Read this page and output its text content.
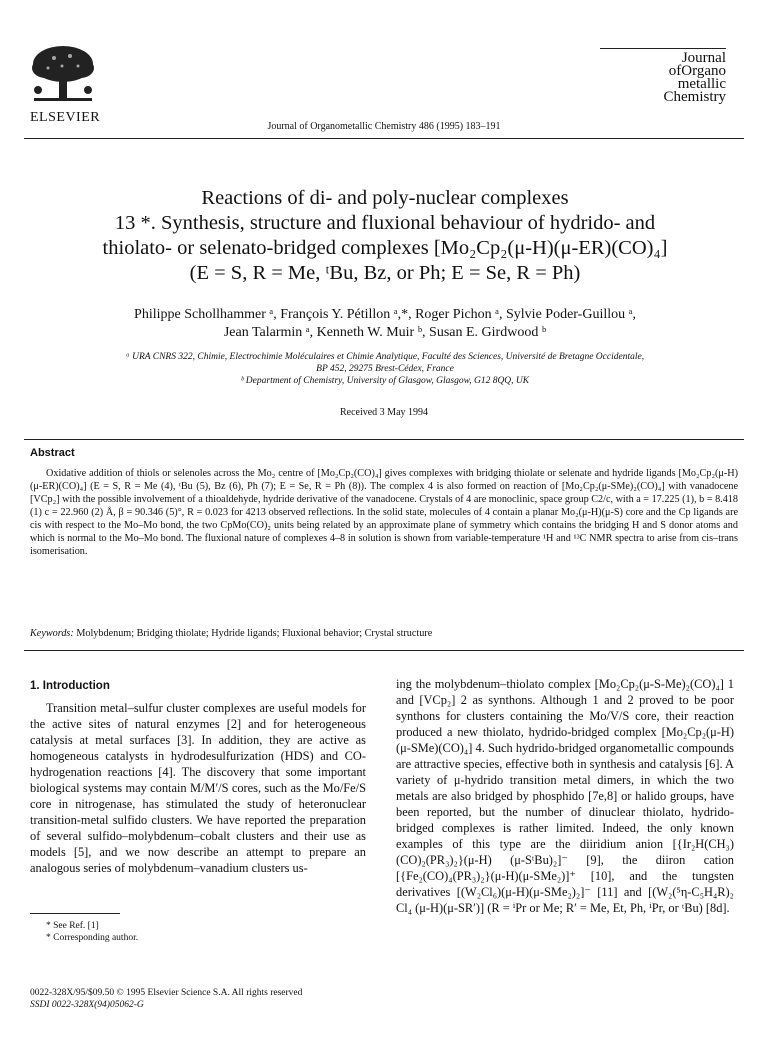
ELSEVIER
Journal of Organometallic Chemistry 486 (1995) 183–191
Journal
ofOrgano
metallic
Chemistry
Reactions of di- and poly-nuclear complexes
13 *. Synthesis, structure and fluxional behaviour of hydrido- and
thiolato- or selenato-bridged complexes [Mo₂Cp₂(μ-H)(μ-ER)(CO)₄]
(E = S, R = Me, ᵗBu, Bz, or Ph; E = Se, R = Ph)
Philippe Schollhammer ᵃ, François Y. Pétillon ᵃ,*, Roger Pichon ᵃ, Sylvie Poder-Guillou ᵃ,
Jean Talarmin ᵃ, Kenneth W. Muir ᵇ, Susan E. Girdwood ᵇ
ᵃ URA CNRS 322, Chimie, Electrochimie Moléculaires et Chimie Analytique, Faculté des Sciences, Université de Bretagne Occidentale,
BP 452, 29275 Brest-Cédex, France
ᵇ Department of Chemistry, University of Glasgow, Glasgow, G12 8QQ, UK
Received 3 May 1994
Abstract
Oxidative addition of thiols or selenoles across the Mo₂ centre of [Mo₂Cp₂(CO)₄] gives complexes with bridging thiolate or selenate and hydride ligands [Mo₂Cp₂(μ-H)(μ-ER)(CO)₄] (E = S, R = Me (4), ᵗBu (5), Bz (6), Ph (7); E = Se, R = Ph (8)). The complex 4 is also formed on reaction of [Mo₂Cp₂(μ-SMe)₂(CO)₄] with vanadocene [VCp₂] with the possible involvement of a thioaldehyde, hydride derivative of the vanadocene. Crystals of 4 are monoclinic, space group C2/c, with a = 17.225 (1), b = 8.418 (1) c = 22.960 (2) Å, β = 90.346 (5)°, R = 0.023 for 4213 observed reflections. In the solid state, molecules of 4 contain a planar Mo₂(μ-H)(μ-S) core and the Cp ligands are cis with respect to the Mo–Mo bond, the two CpMo(CO)₂ units being related by an approximate plane of symmetry which contains the bridging H and S donor atoms and which is normal to the Mo–Mo bond. The fluxional nature of complexes 4–8 in solution is shown from variable-temperature ¹H and ¹³C NMR spectra to arise from cis–trans isomerisation.
Keywords: Molybdenum; Bridging thiolate; Hydride ligands; Fluxional behavior; Crystal structure
1. Introduction
Transition metal–sulfur cluster complexes are useful models for the active sites of natural enzymes [2] and for heterogeneous catalysis at metal surfaces [3]. In addition, they are active as homogeneous catalysts in hydrodesulfurization (HDS) and CO-hydrogenation reactions [4]. The discovery that some important biological systems may contain M/M′/S cores, such as the Mo/Fe/S core in nitrogenase, has stimulated the study of heteronuclear transition-metal sulfido clusters. We have reported the preparation of several sulfido–molybdenum–cobalt clusters and their use as models [5], and we now describe an attempt to prepare an analogous series of molybdenum–vanadium clusters us-
ing the molybdenum–thiolato complex [Mo₂Cp₂(μ-S-Me)₂(CO)₄] 1 and [VCp₂] 2 as synthons. Although 1 and 2 proved to be poor synthons for clusters containing the Mo/V/S core, their reaction produced a new thiolato, hydrido-bridged complex [Mo₂Cp₂(μ-H)(μ-SMe)(CO)₄] 4. Such hydrido-bridged organometallic compounds are attractive species, effective both in synthesis and catalysis [6]. A variety of μ-hydrido transition metal dimers, in which the two metals are also bridged by phosphido [7e,8] or halido groups, have been reported, but the number of dinuclear thiolato, hydrido-bridged complexes is rather limited. Indeed, the only known examples of this type are the diiridium anion [{Ir₂H(CH₃)(CO)₂(PR₃)₂}(μ-H) (μ-SᵗBu)₂]⁻ [9], the diiron cation [{Fe₂(CO)₄(PR₃)₂}(μ-H)(μ-SMe₂)]⁺ [10], and the tungsten derivatives [(W₂Cl₆)(μ-H)(μ-SMe₂)₂]⁻ [11] and [(W₂(⁵η-C₅H₄R)₂ Cl₄ (μ-H)(μ-SR′)] (R = ⁱPr or Me; R′ = Me, Et, Ph, ⁱPr, or ᵗBu) [8d].
* See Ref. [1]
* Corresponding author.
0022-328X/95/$09.50 © 1995 Elsevier Science S.A. All rights reserved
SSDI 0022-328X(94)05062-G
